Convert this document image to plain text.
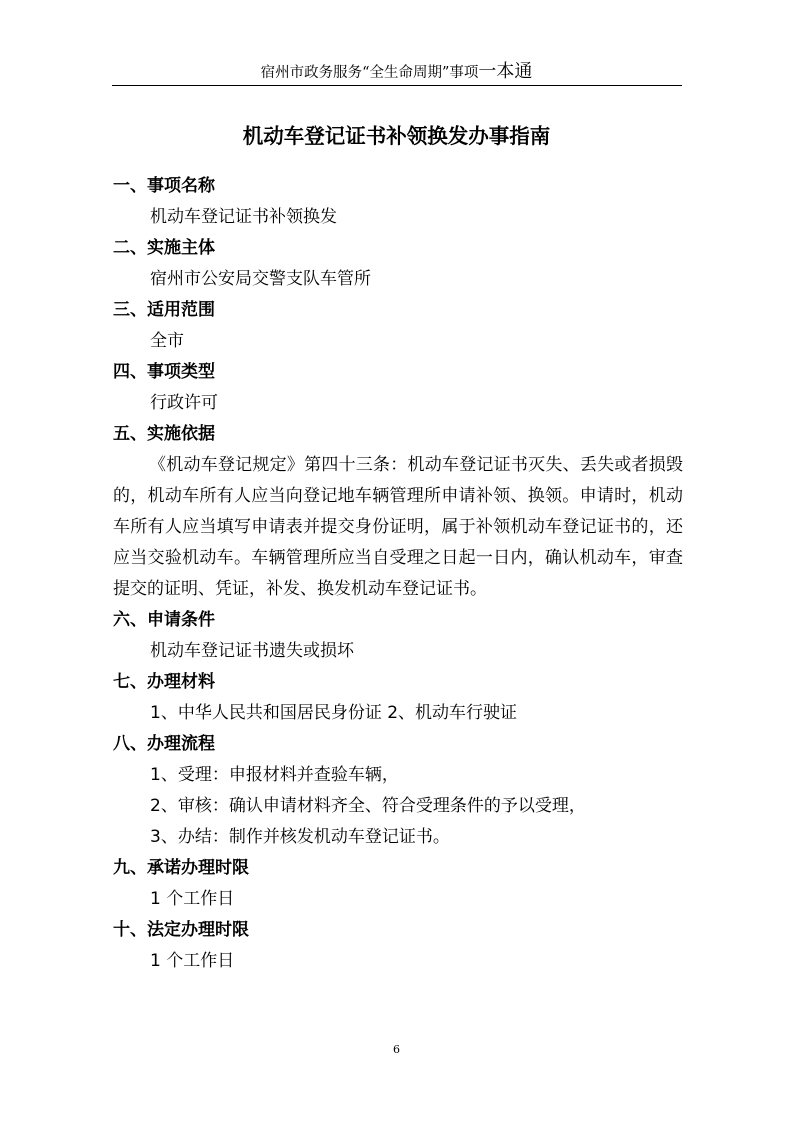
宿州市政务服务“全生命周期”事项一本通
机动车登记证书补领换发办事指南
一、事项名称
机动车登记证书补领换发
二、实施主体
宿州市公安局交警支队车管所
三、适用范围
全市
四、事项类型
行政许可
五、实施依据
《机动车登记规定》第四十三条：机动车登记证书灭失、丢失或者损毁的，机动车所有人应当向登记地车辆管理所申请补领、换领。申请时，机动车所有人应当填写申请表并提交身份证明，属于补领机动车登记证书的，还应当交验机动车。车辆管理所应当自受理之日起一日内，确认机动车，审查提交的证明、凭证，补发、换发机动车登记证书。
六、申请条件
机动车登记证书遗失或损坏
七、办理材料
1、中华人民共和国居民身份证 2、机动车行驶证
八、办理流程
1、受理：申报材料并查验车辆，
2、审核：确认申请材料齐全、符合受理条件的予以受理，
3、办结：制作并核发机动车登记证书。
九、承诺办理时限
1 个工作日
十、法定办理时限
1 个工作日
6
